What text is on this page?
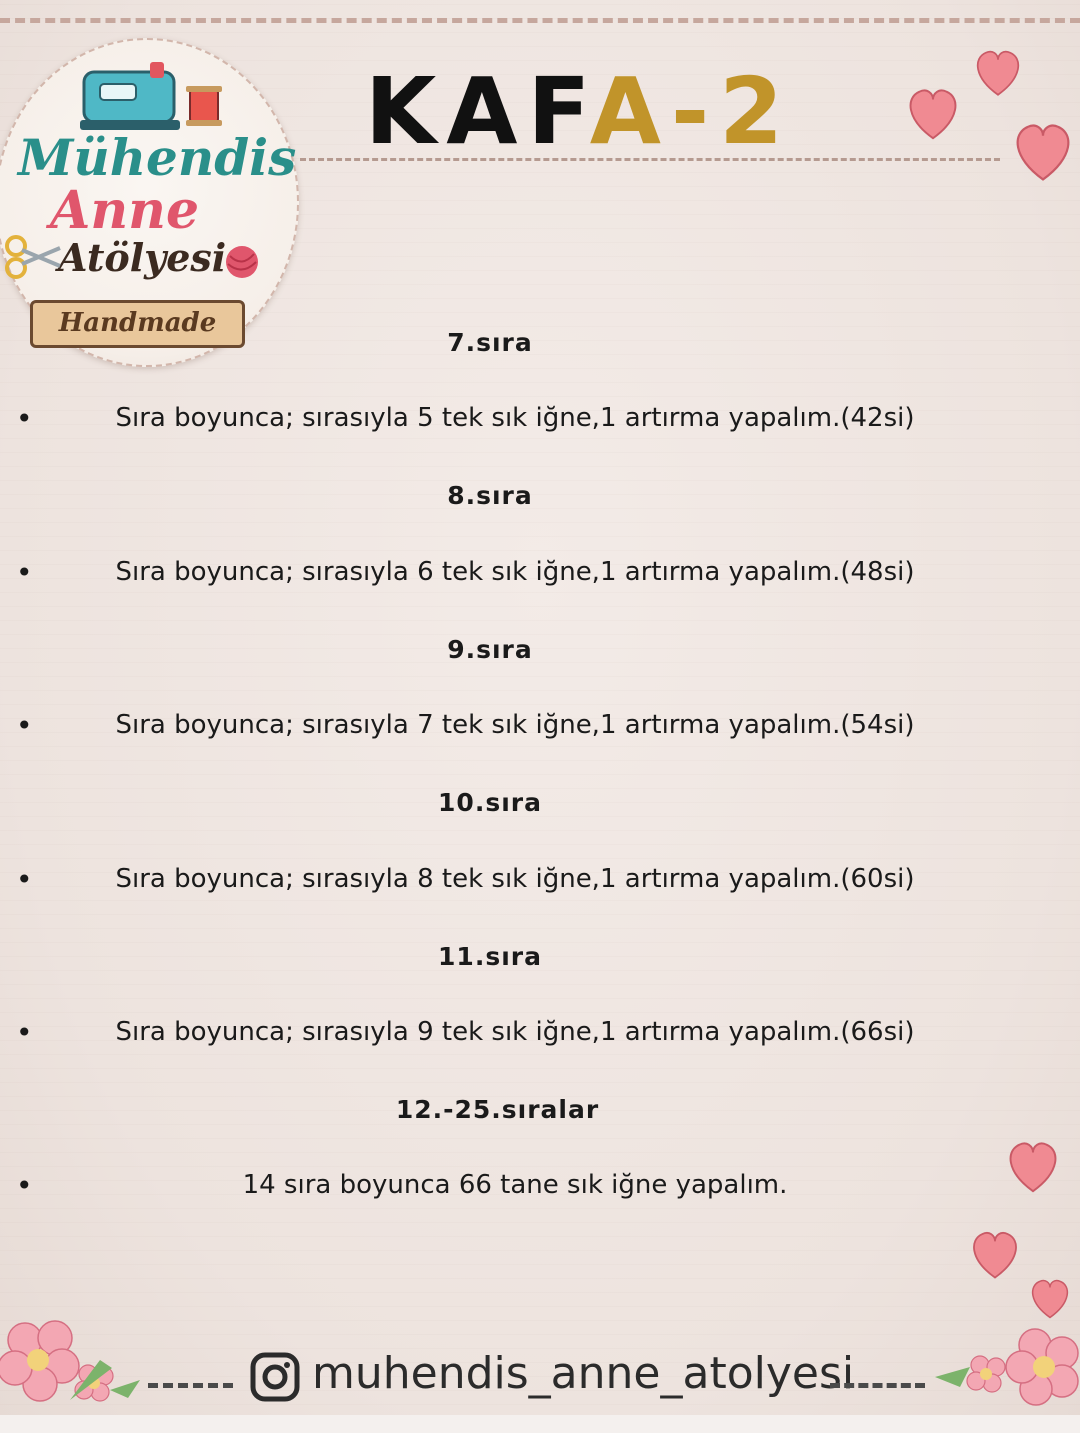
Mühendis
Anne
Atölyesi
Handmade
KAFA-2
7.sıra
•	Sıra boyunca; sırasıyla 5 tek sık iğne,1 artırma yapalım.(42si)
8.sıra
•	Sıra boyunca; sırasıyla 6 tek sık iğne,1 artırma yapalım.(48si)
9.sıra
•	Sıra boyunca; sırasıyla 7 tek sık iğne,1 artırma yapalım.(54si)
10.sıra
•	Sıra boyunca; sırasıyla 8 tek sık iğne,1 artırma yapalım.(60si)
11.sıra
•	Sıra boyunca; sırasıyla 9 tek sık iğne,1 artırma yapalım.(66si)
12.-25.sıralar
•	14 sıra boyunca 66 tane sık iğne yapalım.
muhendis_anne_atolyesi
